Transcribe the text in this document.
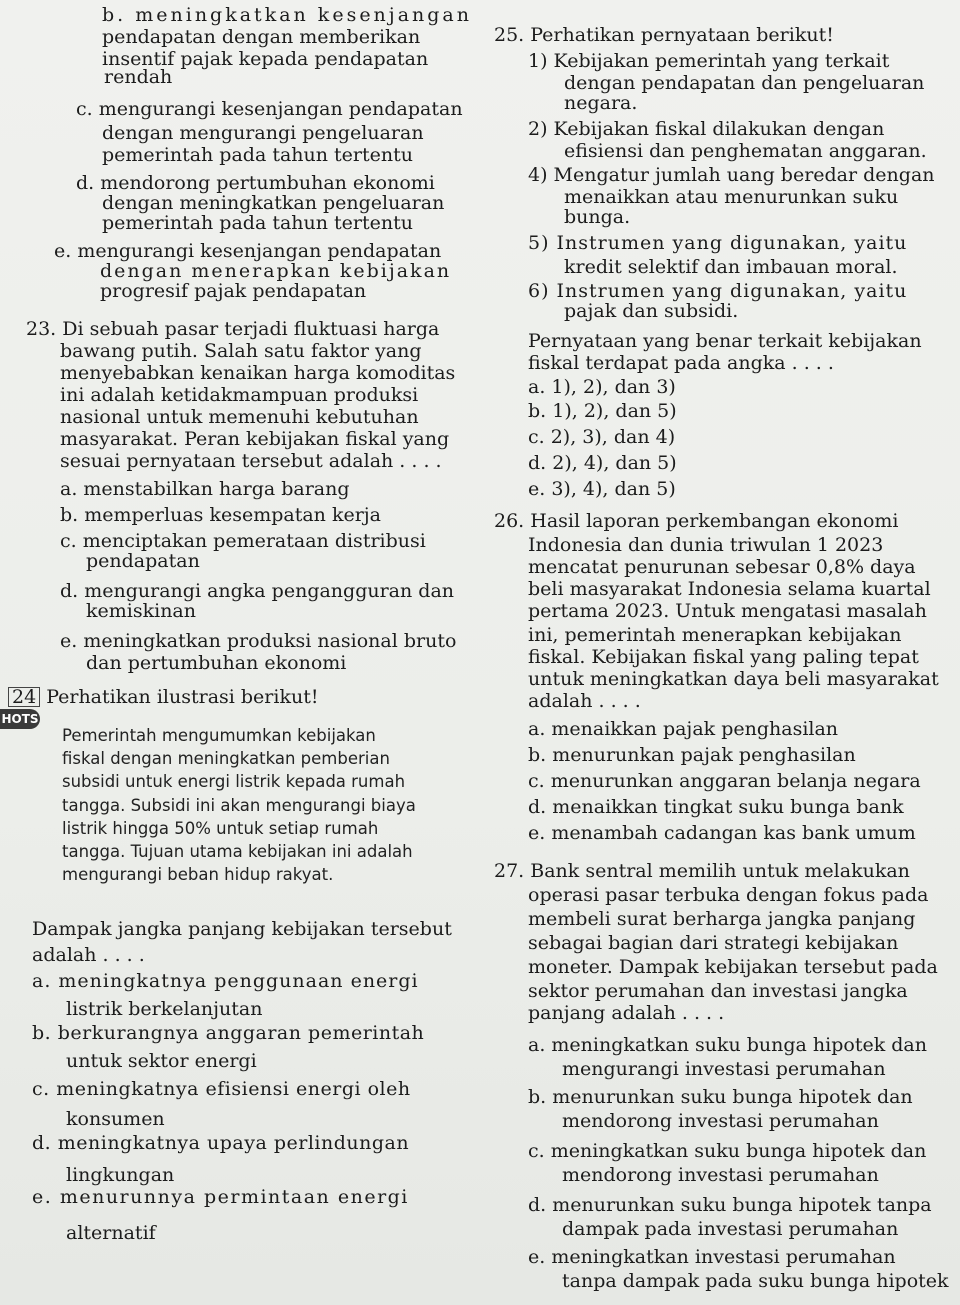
b. meningkatkan kesenjangan
pendapatan dengan memberikan
insentif pajak kepada pendapatan
rendah
c. mengurangi kesenjangan pendapatan
dengan mengurangi pengeluaran
pemerintah pada tahun tertentu
d. mendorong pertumbuhan ekonomi
dengan meningkatkan pengeluaran
pemerintah pada tahun tertentu
e. mengurangi kesenjangan pendapatan
dengan menerapkan kebijakan
progresif pajak pendapatan
23. Di sebuah pasar terjadi fluktuasi harga
bawang putih. Salah satu faktor yang
menyebabkan kenaikan harga komoditas
ini adalah ketidakmampuan produksi
nasional untuk memenuhi kebutuhan
masyarakat. Peran kebijakan fiskal yang
sesuai pernyataan tersebut adalah . . . .
a. menstabilkan harga barang
b. memperluas kesempatan kerja
c. menciptakan pemerataan distribusi
pendapatan
d. mengurangi angka pengangguran dan
kemiskinan
e. meningkatkan produksi nasional bruto
dan pertumbuhan ekonomi
24 Perhatikan ilustrasi berikut!
HOTS
Pemerintah mengumumkan kebijakan
fiskal dengan meningkatkan pemberian
subsidi untuk energi listrik kepada rumah
tangga. Subsidi ini akan mengurangi biaya
listrik hingga 50% untuk setiap rumah
tangga. Tujuan utama kebijakan ini adalah
mengurangi beban hidup rakyat.
Dampak jangka panjang kebijakan tersebut
adalah . . . .
a. meningkatnya penggunaan energi
listrik berkelanjutan
b. berkurangnya anggaran pemerintah
untuk sektor energi
c. meningkatnya efisiensi energi oleh
konsumen
d. meningkatnya upaya perlindungan
lingkungan
e. menurunnya permintaan energi
alternatif
25. Perhatikan pernyataan berikut!
1) Kebijakan pemerintah yang terkait
dengan pendapatan dan pengeluaran
negara.
2) Kebijakan fiskal dilakukan dengan
efisiensi dan penghematan anggaran.
4) Mengatur jumlah uang beredar dengan
menaikkan atau menurunkan suku
bunga.
5) Instrumen yang digunakan, yaitu
kredit selektif dan imbauan moral.
6) Instrumen yang digunakan, yaitu
pajak dan subsidi.
Pernyataan yang benar terkait kebijakan
fiskal terdapat pada angka . . . .
a. 1), 2), dan 3)
b. 1), 2), dan 5)
c. 2), 3), dan 4)
d. 2), 4), dan 5)
e. 3), 4), dan 5)
26. Hasil laporan perkembangan ekonomi
Indonesia dan dunia triwulan 1 2023
mencatat penurunan sebesar 0,8% daya
beli masyarakat Indonesia selama kuartal
pertama 2023. Untuk mengatasi masalah
ini, pemerintah menerapkan kebijakan
fiskal. Kebijakan fiskal yang paling tepat
untuk meningkatkan daya beli masyarakat
adalah . . . .
a. menaikkan pajak penghasilan
b. menurunkan pajak penghasilan
c. menurunkan anggaran belanja negara
d. menaikkan tingkat suku bunga bank
e. menambah cadangan kas bank umum
27. Bank sentral memilih untuk melakukan
operasi pasar terbuka dengan fokus pada
membeli surat berharga jangka panjang
sebagai bagian dari strategi kebijakan
moneter. Dampak kebijakan tersebut pada
sektor perumahan dan investasi jangka
panjang adalah . . . .
a. meningkatkan suku bunga hipotek dan
mengurangi investasi perumahan
b. menurunkan suku bunga hipotek dan
mendorong investasi perumahan
c. meningkatkan suku bunga hipotek dan
mendorong investasi perumahan
d. menurunkan suku bunga hipotek tanpa
dampak pada investasi perumahan
e. meningkatkan investasi perumahan
tanpa dampak pada suku bunga hipotek
